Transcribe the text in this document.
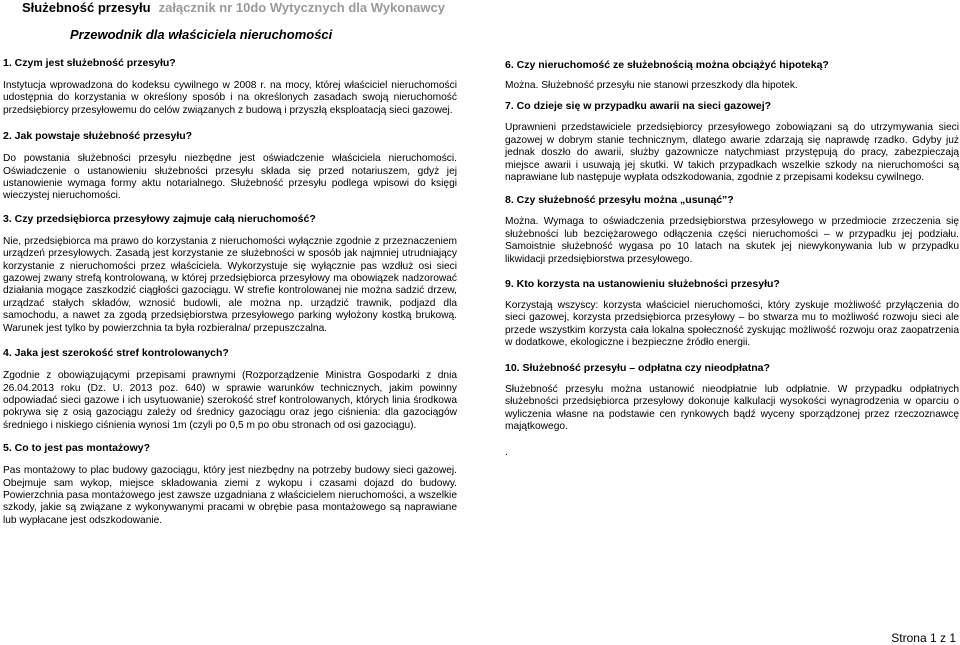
Służebność przesyłu załącznik nr 10do Wytycznych dla Wykonawcy
Przewodnik dla właściciela nieruchomości

1. Czym jest służebność przesyłu?

Instytucja wprowadzona do kodeksu cywilnego w 2008 r. na mocy, której właściciel nieruchomości udostępnia do korzystania w określony sposób i na określonych zasadach swoją nieruchomość przedsiębiorcy przesyłowemu do celów związanych z budową i przyszłą eksploatacją sieci gazowej.

2. Jak powstaje służebność przesyłu?

Do powstania służebności przesyłu niezbędne jest oświadczenie właściciela nieruchomości. Oświadczenie o ustanowieniu służebności przesyłu składa się przed notariuszem, gdyż jej ustanowienie wymaga formy aktu notarialnego. Służebność przesyłu podlega wpisowi do księgi wieczystej nieruchomości.

3. Czy przedsiębiorca przesyłowy zajmuje całą nieruchomość?

Nie, przedsiębiorca ma prawo do korzystania z nieruchomości wyłącznie zgodnie z przeznaczeniem urządzeń przesyłowych. Zasadą jest korzystanie ze służebności w sposób jak najmniej utrudniający korzystanie z nieruchomości przez właściciela. Wykorzystuje się wyłącznie pas wzdłuż osi sieci gazowej zwany strefą kontrolowaną, w której przedsiębiorca przesyłowy ma obowiązek nadzorować działania mogące zaszkodzić ciągłości gazociągu. W strefie kontrolowanej nie można sadzić drzew, urządzać stałych składów, wznosić budowli, ale można np. urządzić trawnik, podjazd dla samochodu, a nawet za zgodą przedsiębiorstwa przesyłowego parking wyłożony kostką brukową. Warunek jest tylko by powierzchnia ta była rozbieralna/ przepuszczalna.

4. Jaka jest szerokość stref kontrolowanych?

Zgodnie z obowiązującymi przepisami prawnymi (Rozporządzenie Ministra Gospodarki z dnia 26.04.2013 roku (Dz. U. 2013 poz. 640) w sprawie warunków technicznych, jakim powinny odpowiadać sieci gazowe i ich usytuowanie) szerokość stref kontrolowanych, których linia środkowa pokrywa się z osią gazociągu zależy od średnicy gazociągu oraz jego ciśnienia: dla gazociągów średniego i niskiego ciśnienia wynosi 1m (czyli po 0,5 m po obu stronach od osi gazociągu).

5. Co to jest pas montażowy?

Pas montażowy to plac budowy gazociągu, który jest niezbędny na potrzeby budowy sieci gazowej. Obejmuje sam wykop, miejsce składowania ziemi z wykopu i czasami dojazd do budowy. Powierzchnia pasa montażowego jest zawsze uzgadniana z właścicielem nieruchomości, a wszelkie szkody, jakie są związane z wykonywanymi pracami w obrębie pasa montażowego są naprawiane lub wypłacane jest odszkodowanie.

6. Czy nieruchomość ze służebnością można obciążyć hipoteką?

Można. Służebność przesyłu nie stanowi przeszkody dla hipotek.

7. Co dzieje się w przypadku awarii na sieci gazowej?

Uprawnieni przedstawiciele przedsiębiorcy przesyłowego zobowiązani są do utrzymywania sieci gazowej w dobrym stanie technicznym, dlatego awarie zdarzają się naprawdę rzadko. Gdyby już jednak doszło do awarii, służby gazownicze natychmiast przystępują do pracy, zabezpieczają miejsce awarii i usuwają jej skutki. W takich przypadkach wszelkie szkody na nieruchomości są naprawiane lub następuje wypłata odszkodowania, zgodnie z przepisami kodeksu cywilnego.

8. Czy służebność przesyłu można „usunąć”?

Można. Wymaga to oświadczenia przedsiębiorstwa przesyłowego w przedmiocie zrzeczenia się służebności lub bezciężarowego odłączenia części nieruchomości – w przypadku jej podziału. Samoistnie służebność wygasa po 10 latach na skutek jej niewykonywania lub w przypadku likwidacji przedsiębiorstwa przesyłowego.

9. Kto korzysta na ustanowieniu służebności przesyłu?

Korzystają wszyscy: korzysta właściciel nieruchomości, który zyskuje możliwość przyłączenia do sieci gazowej, korzysta przedsiębiorca przesyłowy – bo stwarza mu to możliwość rozwoju sieci ale przede wszystkim korzysta cała lokalna społeczność zyskując możliwość rozwoju oraz zaopatrzenia w dodatkowe, ekologiczne i bezpieczne źródło energii.

10. Służebność przesyłu – odpłatna czy nieodpłatna?

Służebność przesyłu można ustanowić nieodpłatnie lub odpłatnie. W przypadku odpłatnych służebności przedsiębiorca przesyłowy dokonuje kalkulacji wysokości wynagrodzenia w oparciu o wyliczenia własne na podstawie cen rynkowych bądź wyceny sporządzonej przez rzeczoznawcę majątkowego.

.

Strona 1 z 1
